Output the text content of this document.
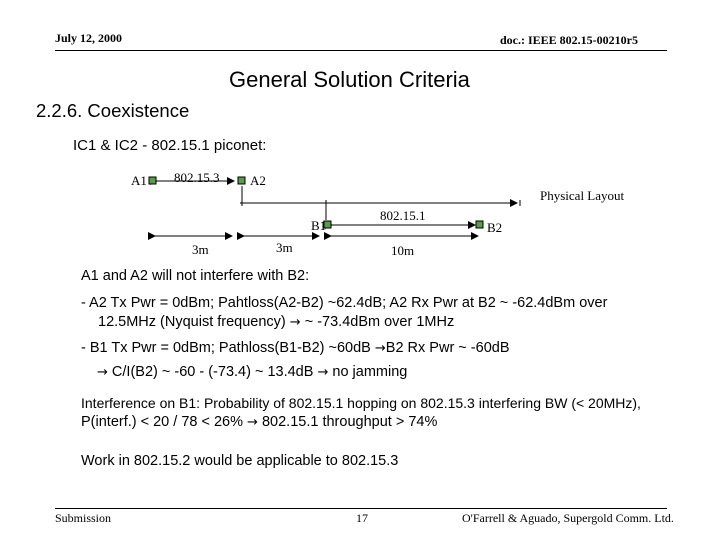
July 12, 2000	doc.: IEEE 802.15-00210r5
General Solution Criteria
2.2.6. Coexistence
IC1 & IC2 - 802.15.1 piconet:
A1 802.15.3 A2
Physical Layout
B1
802.15.1
B2
3m	3m	10m
A1 and A2 will not interfere with B2:
- A2 Tx Pwr = 0dBm; Pahtloss(A2-B2) ~62.4dB; A2 Rx Pwr at B2 ~ -62.4dBm over
12.5MHz (Nyquist frequency) → ~ -73.4dBm over 1MHz
- B1 Tx Pwr = 0dBm; Pathloss(B1-B2) ~60dB →B2 Rx Pwr ~ -60dB
→ C/I(B2) ~ -60 - (-73.4) ~ 13.4dB → no jamming
Interference on B1: Probability of 802.15.1 hopping on 802.15.3 interfering BW (< 20MHz),
P(interf.) < 20 / 78 < 26% → 802.15.1 throughput > 74%
Work in 802.15.2 would be applicable to 802.15.3
Submission	17	O'Farrell & Aguado, Supergold Comm. Ltd.
